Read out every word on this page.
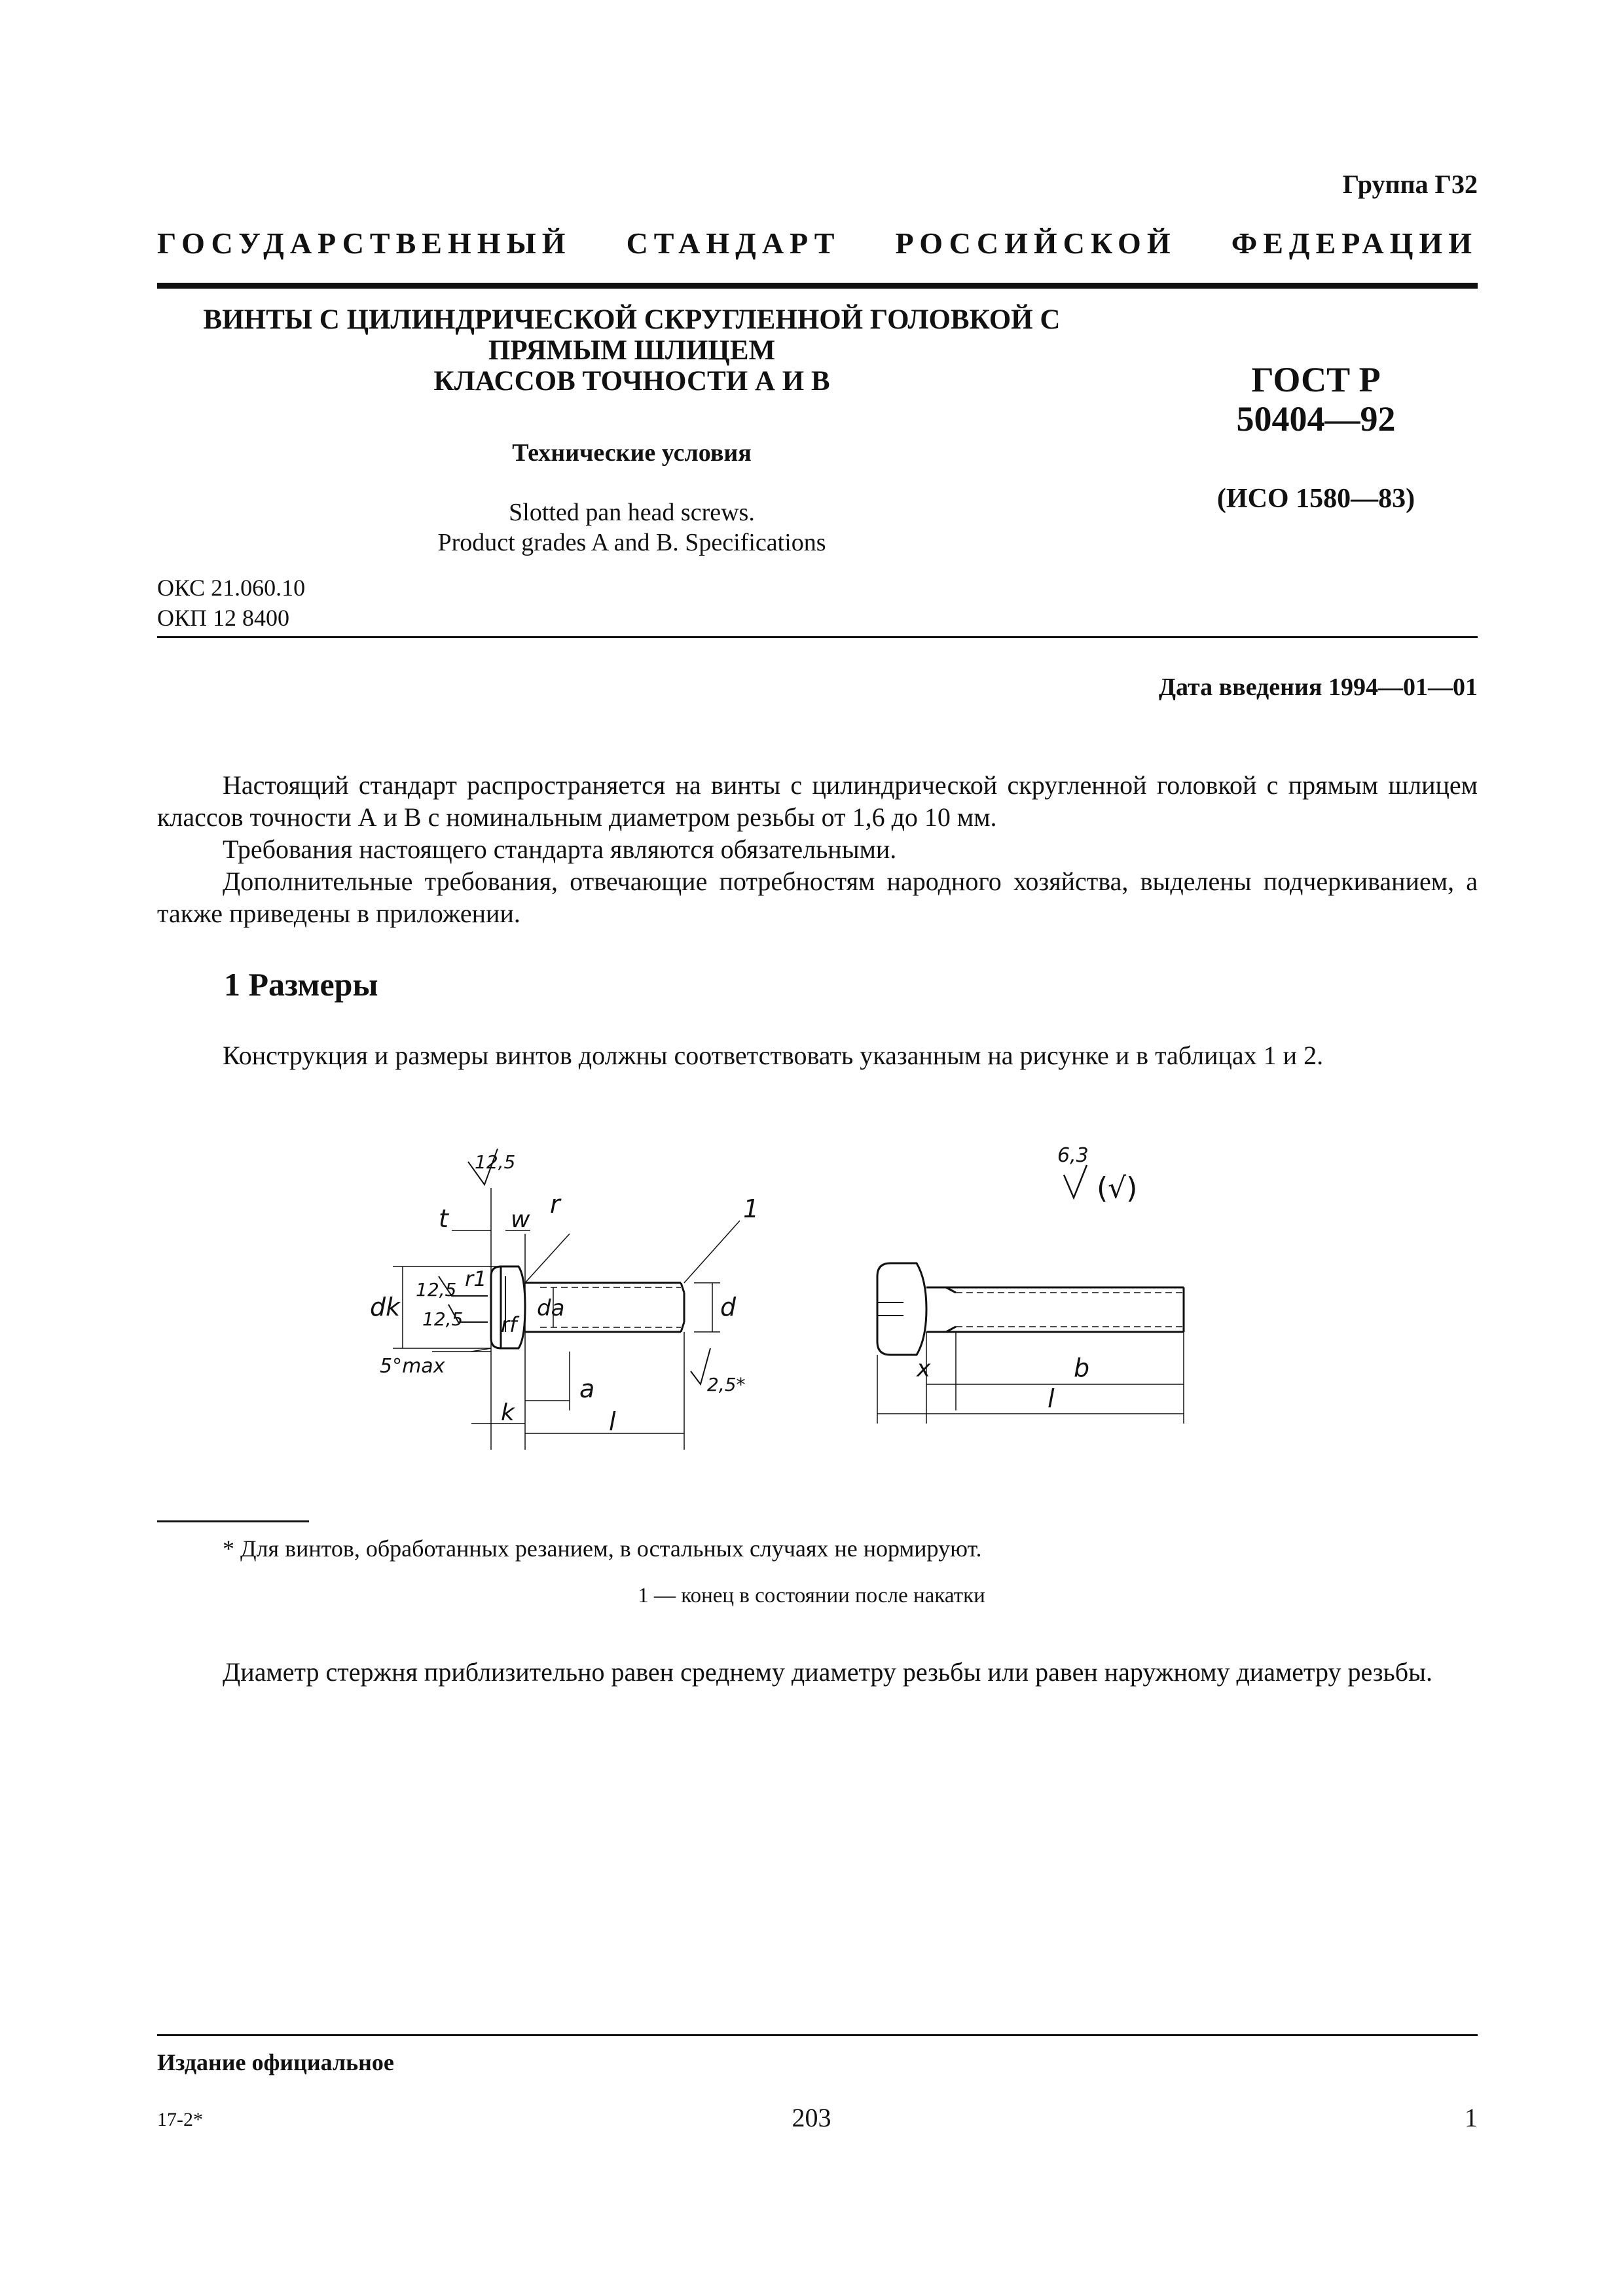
Группа Г32
ГОСУДАРСТВЕННЫЙ СТАНДАРТ РОССИЙСКОЙ ФЕДЕРАЦИИ
ВИНТЫ С ЦИЛИНДРИЧЕСКОЙ СКРУГЛЕННОЙ ГОЛОВКОЙ С
ПРЯМЫМ ШЛИЦЕМ
КЛАССОВ ТОЧНОСТИ А И В
Технические условия
Slotted pan head screws.
Product grades A and B. Specifications
ГОСТ Р
50404—92
(ИСО 1580—83)
ОКС 21.060.10
ОКП 12 8400
Дата введения 1994—01—01

Настоящий стандарт распространяется на винты с цилиндрической скругленной головкой с прямым шлицем классов точности А и В с номинальным диаметром резьбы от 1,6 до 10 мм.

Требования настоящего стандарта являются обязательными.

Дополнительные требования, отвечающие потребностям народного хозяйства, выделены подчеркиванием, а также приведены в приложении.

1 Размеры

Конструкция и размеры винтов должны соответствовать указанным на рисунке и в таблицах 1 и 2.

t	w
r	1
r1
rf
dk	da	d
k
a
l
12,5
12,5
12,5
2,5*
5°max	x	b
l
6,3
(√)
* Для винтов, обработанных резанием, в остальных случаях не нормируют.
1 — конец в состоянии после накатки

Диаметр стержня приблизительно равен среднему диаметру резьбы или равен наружному диаметру резьбы.

Издание официальное
17-2*	203	1
